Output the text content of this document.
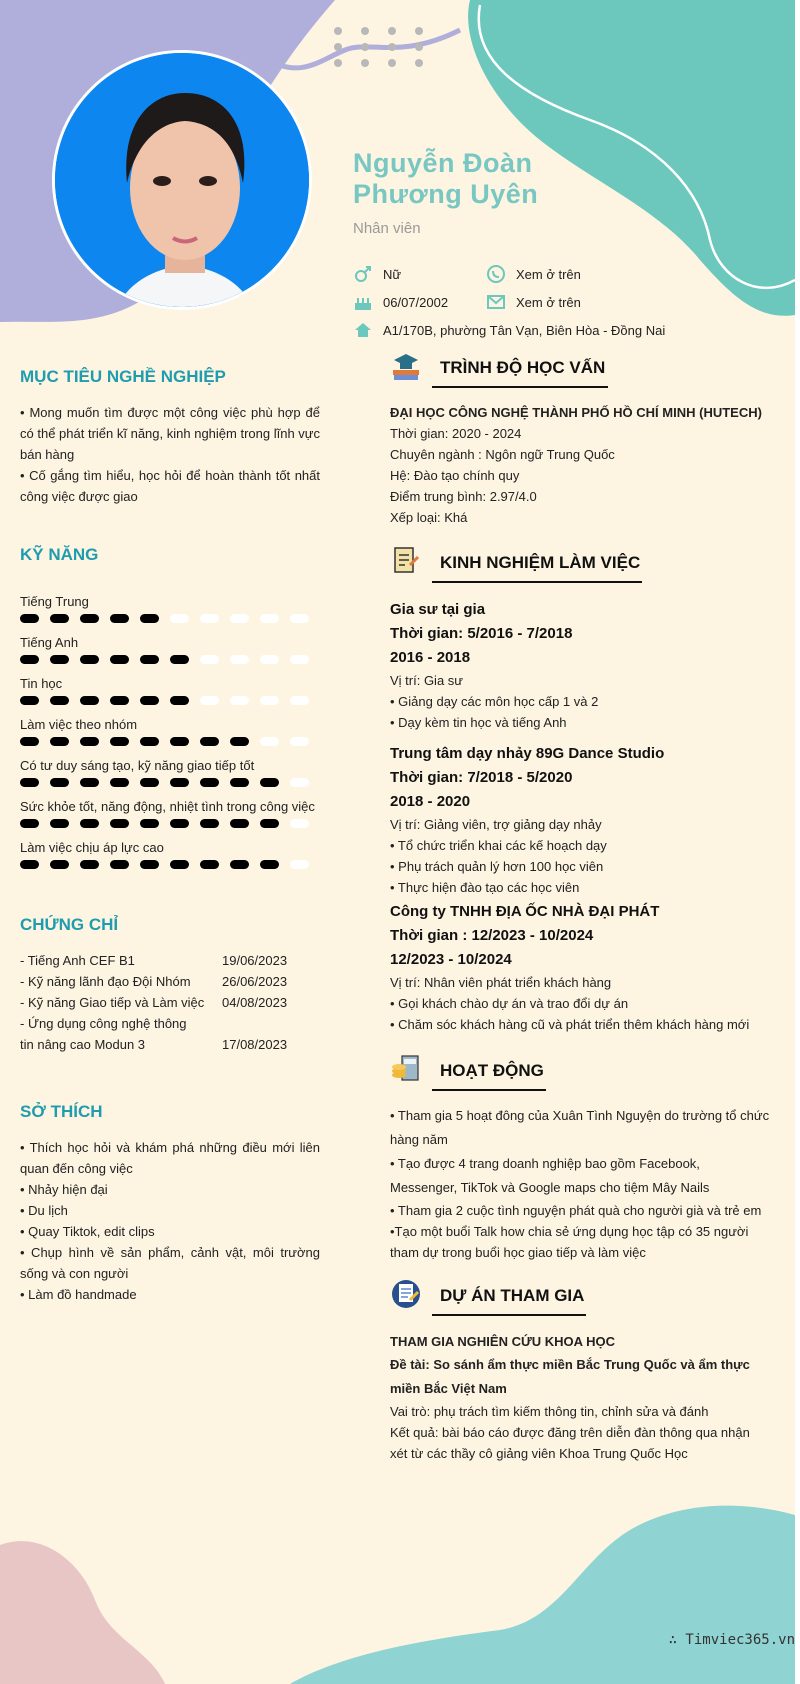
Nguyễn Đoàn
Phương Uyên
Nhân viên
Nữ	Xem ở trên
06/07/2002	Xem ở trên
A1/170B, phường Tân Vạn, Biên Hòa - Đồng Nai
MỤC TIÊU NGHỀ NGHIỆP
• Mong muốn tìm được một công việc phù hợp để có thể phát triển kĩ năng, kinh nghiệm trong lĩnh vực bán hàng
• Cố gắng tìm hiểu, học hỏi để hoàn thành tốt nhất công việc được giao
KỸ NĂNG
Tiếng Trung
Tiếng Anh
Tin học
Làm việc theo nhóm
Có tư duy sáng tạo, kỹ năng giao tiếp tốt
Sức khỏe tốt, năng động, nhiệt tình trong công việc
Làm việc chịu áp lực cao
CHỨNG CHỈ
- Tiếng Anh CEF B1	19/06/2023
- Kỹ năng lãnh đạo Đội Nhóm	26/06/2023
- Kỹ năng Giao tiếp và Làm việc	04/08/2023
- Ứng dụng công nghệ thông
tin nâng cao Modun 3	17/08/2023
SỞ THÍCH
• Thích học hỏi và khám phá những điều mới liên quan đến công việc
• Nhảy hiện đại
• Du lịch
• Quay Tiktok, edit clips
• Chụp hình về sản phẩm, cảnh vật, môi trường sống và con người
• Làm đồ handmade
TRÌNH ĐỘ HỌC VẤN
ĐẠI HỌC CÔNG NGHỆ THÀNH PHỐ HỒ CHÍ MINH (HUTECH)
Thời gian: 2020 - 2024
Chuyên ngành : Ngôn ngữ Trung Quốc
Hệ: Đào tạo chính quy
Điểm trung bình: 2.97/4.0
Xếp loại: Khá
KINH NGHIỆM LÀM VIỆC
Gia sư tại gia
Thời gian: 5/2016 - 7/2018
2016 - 2018
Vị trí: Gia sư
• Giảng dạy các môn học cấp 1 và 2
• Dạy kèm tin học và tiếng Anh
Trung tâm dạy nhảy 89G Dance Studio
Thời gian: 7/2018 - 5/2020
2018 - 2020
Vị trí: Giảng viên, trợ giảng dạy nhảy
• Tổ chức triển khai các kế hoạch dạy
• Phụ trách quản lý hơn 100 học viên
• Thực hiện đào tạo các học viên
Công ty TNHH ĐỊA ỐC NHÀ ĐẠI PHÁT
Thời gian : 12/2023 - 10/2024
12/2023 - 10/2024
Vị trí: Nhân viên phát triển khách hàng
• Gọi khách chào dự án và trao đổi dự án
• Chăm sóc khách hàng cũ và phát triển thêm khách hàng mới
HOẠT ĐỘNG
• Tham gia 5 hoạt đông của Xuân Tình Nguyện do trường tổ chức hàng năm
• Tạo được 4 trang doanh nghiệp bao gồm Facebook, Messenger, TikTok và Google maps cho tiệm Mây Nails
• Tham gia 2 cuộc tình nguyện phát quà cho người già và trẻ em
•Tạo một buổi Talk how chia sẻ ứng dụng học tập có 35 người tham dự trong buổi học giao tiếp và làm việc
DỰ ÁN THAM GIA
THAM GIA NGHIÊN CỨU KHOA HỌC
Đề tài: So sánh ẩm thực miền Bắc Trung Quốc và ẩm thực miền Bắc Việt Nam
Vai trò: phụ trách tìm kiếm thông tin, chỉnh sửa và đánh
Kết quả: bài báo cáo được đăng trên diễn đàn thông qua nhận xét từ các thầy cô giảng viên Khoa Trung Quốc Học
∴ Timviec365.vn
